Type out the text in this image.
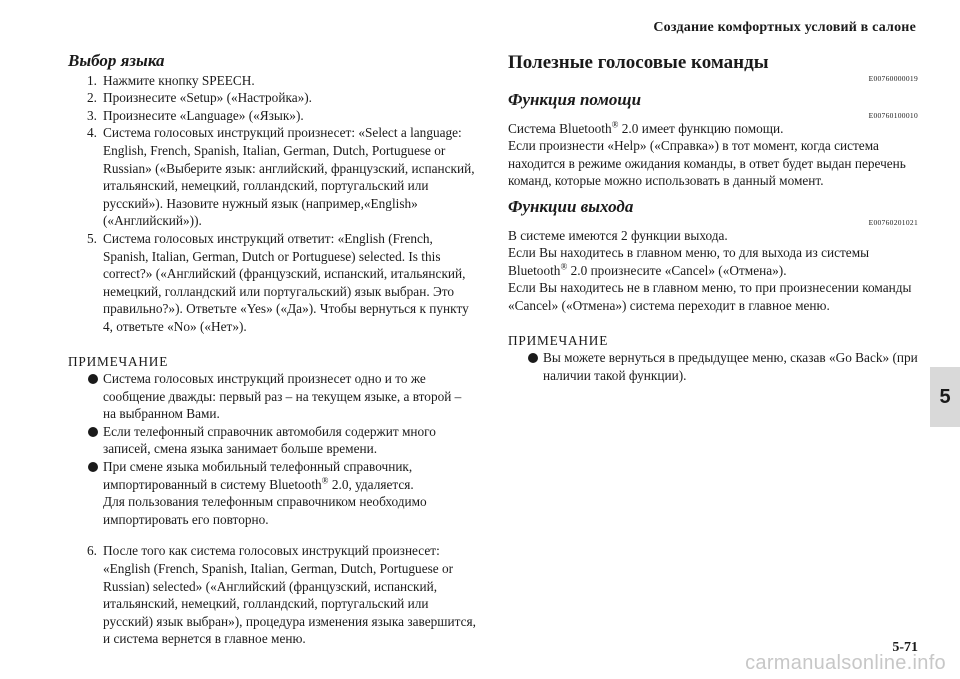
Создание комфортных условий в салоне
Выбор языка
1. Нажмите кнопку SPEECH.
2. Произнесите «Setup» («Настройка»).
3. Произнесите «Language» («Язык»).
4. Система голосовых инструкций произнесет: «Select a language: English, French, Spanish, Italian, German, Dutch, Portuguese or Russian» («Выберите язык: английский, французский, испанский, итальянский, немецкий, голландский, португальский или русский»). Назовите нужный язык (например,«English» («Английский»)).
5. Система голосовых инструкций ответит: «English (French, Spanish, Italian, German, Dutch or Portuguese) selected. Is this correct?» («Английский (французский, испанский, итальянский, немецкий, голландский или португальский) язык выбран. Это правильно?»). Ответьте «Yes» («Да»). Чтобы вернуться к пункту 4, ответьте «No» («Нет»).
ПРИМЕЧАНИЕ
Система голосовых инструкций произнесет одно и то же сообщение дважды: первый раз – на текущем языке, а второй – на выбранном Вами.
Если телефонный справочник автомобиля содержит много записей, смена языка занимает больше времени.
При смене языка мобильный телефонный справочник, импортированный в систему Bluetooth® 2.0, удаляется.
Для пользования телефонным справочником необходимо импортировать его повторно.
6. После того как система голосовых инструкций произнесет: «English (French, Spanish, Italian, German, Dutch, Portuguese or Russian) selected» («Английский (французский, испанский, итальянский, немецкий, голландский, португальский или русский) язык выбран»), процедура изменения языка завершится, и система вернется в главное меню.
Полезные голосовые команды
E00760000019
Функция помощи
E00760100010

Система Bluetooth® 2.0 имеет функцию помощи.

Если произнести «Help» («Справка») в тот момент, когда система находится в режиме ожидания команды, в ответ будет выдан перечень команд, которые можно использовать в данный момент.

Функции выхода
E00760201021

В системе имеются 2 функции выхода.

Если Вы находитесь в главном меню, то для выхода из системы Bluetooth® 2.0 произнесите «Cancel» («Отмена»).

Если Вы находитесь не в главном меню, то при произнесении команды «Cancel» («Отмена») система переходит в главное меню.

ПРИМЕЧАНИЕ
Вы можете вернуться в предыдущее меню, сказав «Go Back» (при наличии такой функции).
5
5-71
carmanualsonline.info
